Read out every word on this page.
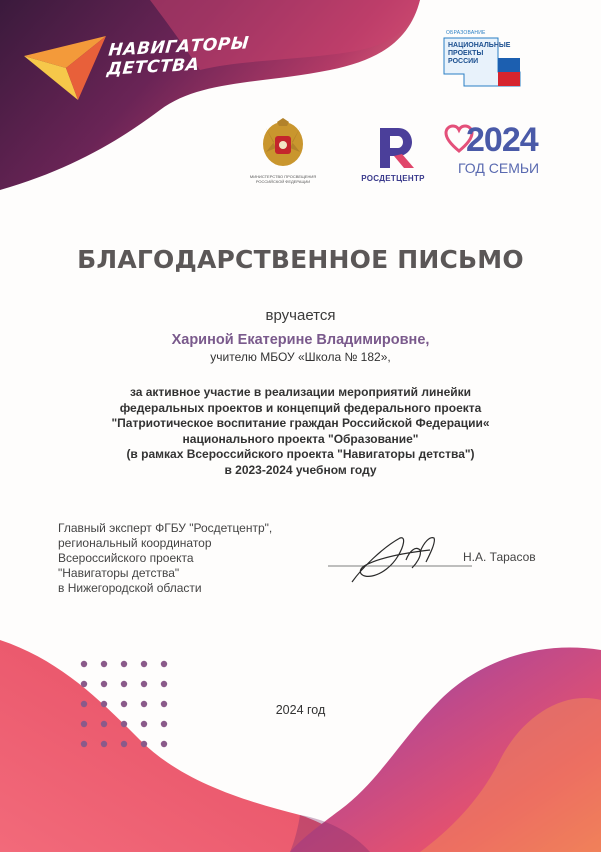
НАВИГАТОРЫ
ДЕТСТВА
ОБРАЗОВАНИЕ
НАЦИОНАЛЬНЫЕ
ПРОЕКТЫ
РОССИИ
МИНИСТЕРСТВО ПРОСВЕЩЕНИЯ
РОССИЙСКОЙ ФЕДЕРАЦИИ	РОСДЕТЦЕНТР
2024
ГОД СЕМЬИ
БЛАГОДАРСТВЕННОЕ ПИСЬМО
вручается
Хариной Екатерине Владимировне,
учителю МБОУ «Школа № 182»,
за активное участие в реализации мероприятий линейки
федеральных проектов и концепций федерального проекта
"Патриотическое воспитание граждан Российской Федерации«
национального проекта "Образование"
(в рамках Всероссийского проекта "Навигаторы детства")
в 2023-2024 учебном году
Главный эксперт ФГБУ "Росдетцентр",
региональный координатор
Всероссийского проекта
"Навигаторы детства"
в Нижегородской области
Н.А. Тарасов
2024 год
